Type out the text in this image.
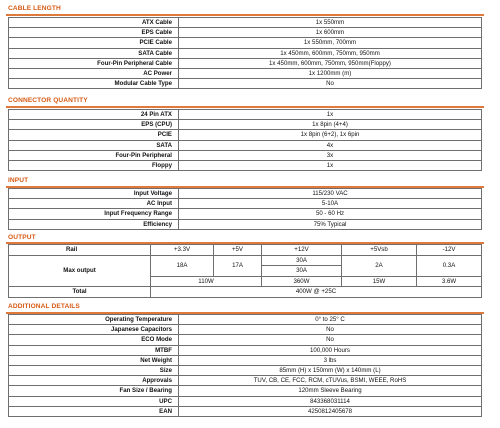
CABLE LENGTH
ATX Cable	1x 550mm
EPS Cable	1x 600mm
PCIE Cable	1x 550mm, 700mm
SATA Cable	1x 450mm, 600mm, 750mm, 950mm
Four-Pin Peripheral Cable	1x 450mm, 600mm, 750mm, 950mm(Floppy)
AC Power	1x 1200mm (m)
Modular Cable Type	No
CONNECTOR QUANTITY
24 Pin ATX	1x
EPS (CPU)	1x 8pin (4+4)
PCIE	1x 8pin (6+2), 1x 6pin
SATA	4x
Four-Pin Peripheral	3x
Floppy	1x
INPUT
Input Voltage	115/230 VAC
AC Input	5-10A
Input Frequency Range	50 - 60 Hz
Efficiency	75% Typical
OUTPUT
Rail	+3.3V	+5V	+12V	+5Vsb	-12V
Max output	18A	17A	30A	2A	0.3A
			30A		
	110W		360W	15W	3.6W
Total	400W @ +25C				
ADDITIONAL DETAILS
Operating Temperature	0° to 25° C
Japanese Capacitors	No
ECO Mode	No
MTBF	100,000 Hours
Net Weight	3 lbs
Size	85mm (H) x 150mm (W) x 140mm (L)
Approvals	TUV, CB, CE, FCC, RCM, cTUVus, BSMI, WEEE, RoHS
Fan Size / Bearing	120mm Sleeve Bearing
UPC	843368031114
EAN	4250812405678
